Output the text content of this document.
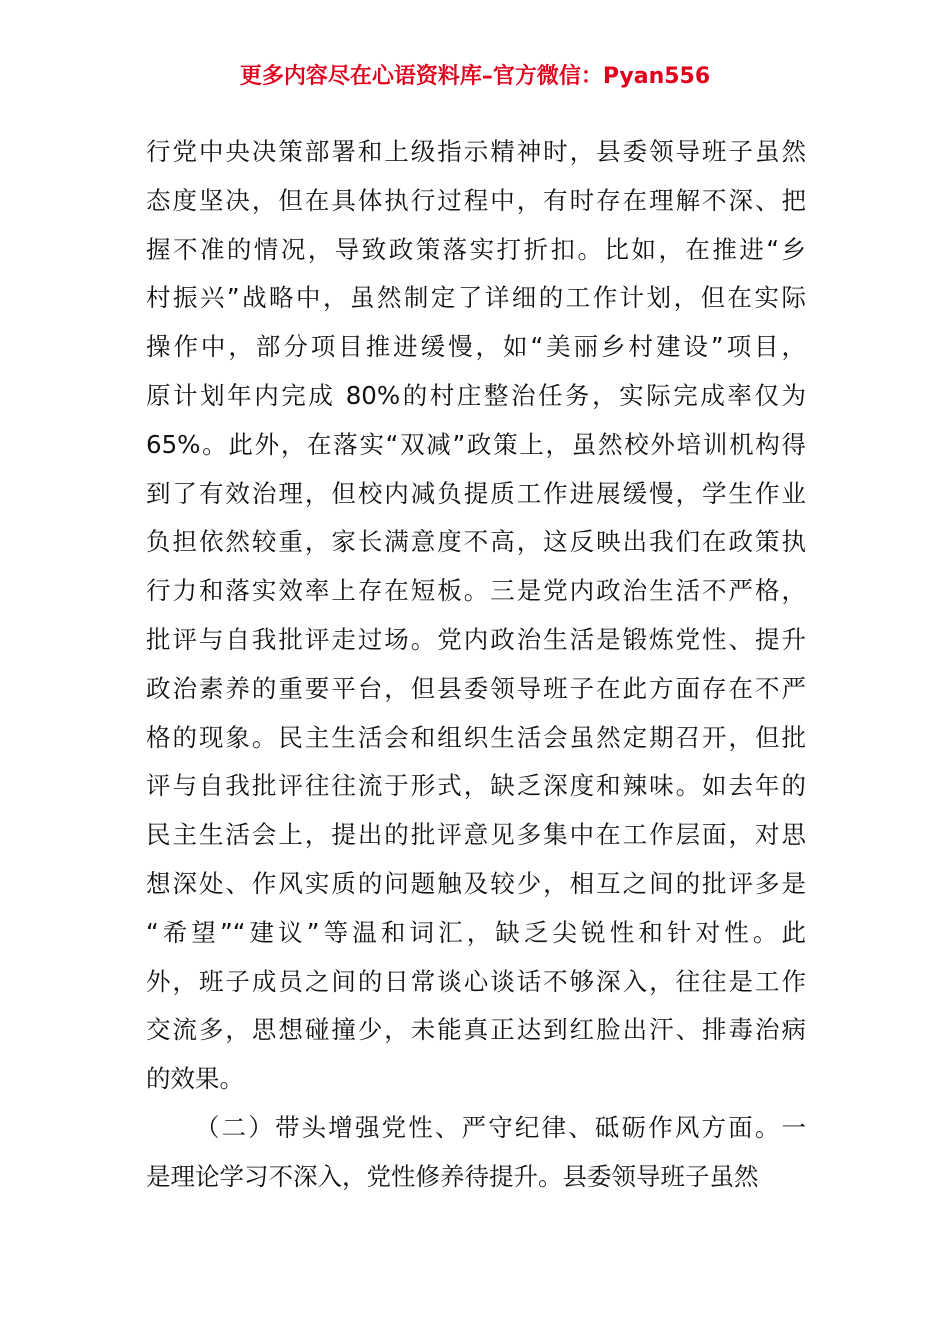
更多内容尽在心语资料库–官方微信：Pyan556
行党中央决策部署和上级指示精神时，县委领导班子虽然
态度坚决，但在具体执行过程中，有时存在理解不深、把
握不准的情况，导致政策落实打折扣。比如，在推进“乡
村振兴”战略中，虽然制定了详细的工作计划，但在实际
操作中，部分项目推进缓慢，如“美丽乡村建设”项目，
原计划年内完成 80%的村庄整治任务，实际完成率仅为
65%。此外，在落实“双减”政策上，虽然校外培训机构得
到了有效治理，但校内减负提质工作进展缓慢，学生作业
负担依然较重，家长满意度不高，这反映出我们在政策执
行力和落实效率上存在短板。三是党内政治生活不严格，
批评与自我批评走过场。党内政治生活是锻炼党性、提升
政治素养的重要平台，但县委领导班子在此方面存在不严
格的现象。民主生活会和组织生活会虽然定期召开，但批
评与自我批评往往流于形式，缺乏深度和辣味。如去年的
民主生活会上，提出的批评意见多集中在工作层面，对思
想深处、作风实质的问题触及较少，相互之间的批评多是
“希望”“建议”等温和词汇，缺乏尖锐性和针对性。此
外，班子成员之间的日常谈心谈话不够深入，往往是工作
交流多，思想碰撞少，未能真正达到红脸出汗、排毒治病
的效果。
（二）带头增强党性、严守纪律、砥砺作风方面。一
是理论学习不深入，党性修养待提升。县委领导班子虽然
